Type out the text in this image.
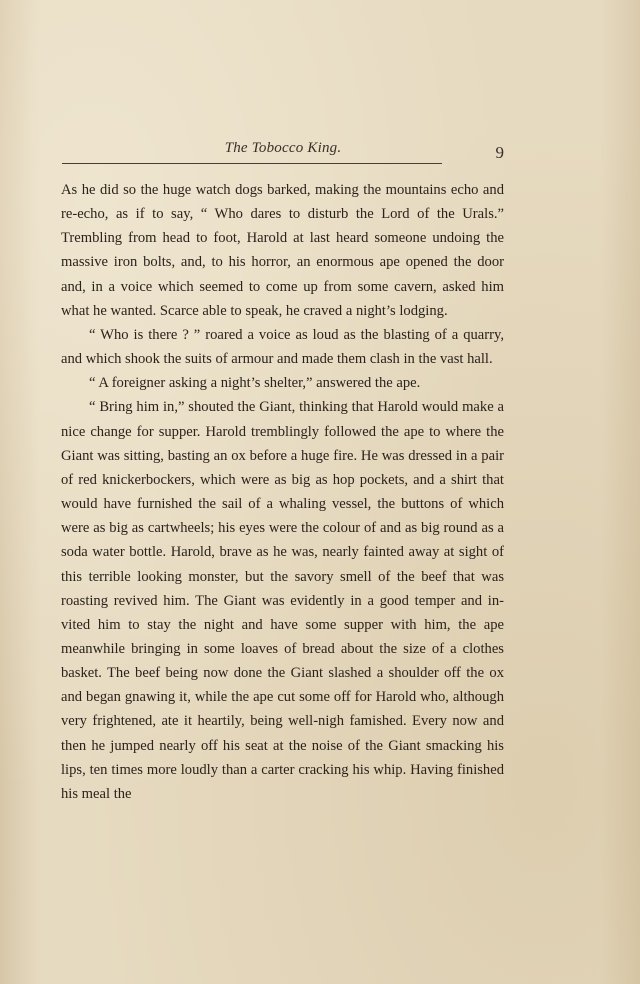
The Tobocco King.	9

As he did so the huge watch dogs barked, making the mountains echo and re-echo, as if to say, “ Who dares to disturb the Lord of the Urals.” Trembling from head to foot, Harold at last heard someone undoing the massive iron bolts, and, to his horror, an enormous ape opened the door and, in a voice which seemed to come up from some cavern, asked him what he wanted. Scarce able to speak, he craved a night’s lodging.

“ Who is there ? ” roared a voice as loud as the blasting of a quarry, and which shook the suits of armour and made them clash in the vast hall.

“ A foreigner asking a night’s shelter,” answered the ape.

“ Bring him in,” shouted the Giant, thinking that Harold would make a nice change for supper. Harold tremblingly followed the ape to where the Giant was sitting, basting an ox before a huge fire. He was dressed in a pair of red knickerbockers, which were as big as hop pockets, and a shirt that would have furnished the sail of a whaling vessel, the buttons of which were as big as cartwheels; his eyes were the colour of and as big round as a soda water bottle. Harold, brave as he was, nearly fainted away at sight of this terrible looking monster, but the savory smell of the beef that was roasting revived him. The Giant was evidently in a good temper and in-vited him to stay the night and have some supper with him, the ape meanwhile bringing in some loaves of bread about the size of a clothes basket. The beef being now done the Giant slashed a shoulder off the ox and began gnawing it, while the ape cut some off for Harold who, although very frightened, ate it heartily, being well-nigh famished. Every now and then he jumped nearly off his seat at the noise of the Giant smacking his lips, ten times more loudly than a carter cracking his whip. Having finished his meal the
